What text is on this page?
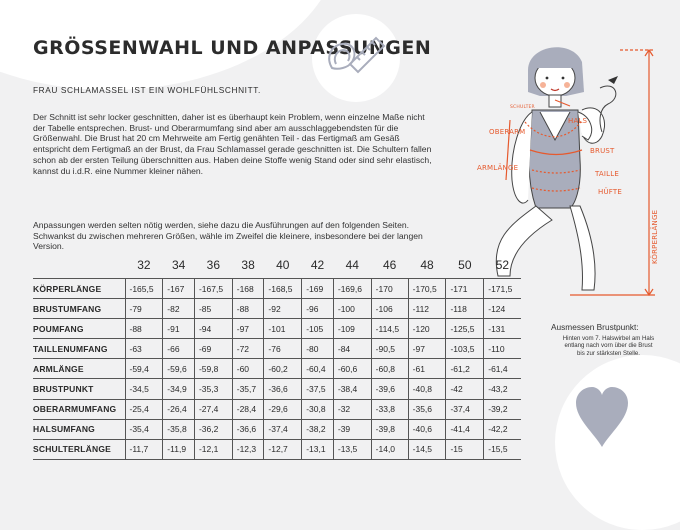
GRÖSSENWAHL UND ANPASSUNGEN

FRAU SCHLAMASSEL IST EIN WOHLFÜHLSCHNITT.

Der Schnitt ist sehr locker geschnitten, daher ist es überhaupt kein Problem, wenn einzelne Maße nicht der Tabelle entsprechen. Brust- und Oberarmumfang sind aber am ausschlaggebendsten für die Größenwahl. Die Brust hat 20 cm Mehrweite am Fertig genähten Teil - das Fertigmaß am Gesäß entspricht dem Fertigmaß an der Brust, da Frau Schlamassel gerade geschnitten ist. Die Schultern fallen schon ab der ersten Teilung überschnitten aus. Haben deine Stoffe wenig Stand oder sind sehr elastisch, kannst du i.d.R. eine Nummer kleiner nähen.

Anpassungen werden selten nötig werden, siehe dazu die Ausführungen auf den folgenden Seiten. Schwankst du zwischen mehreren Größen, wähle im Zweifel die kleinere, insbesondere bei der langen Version.

SCHULTER
HALS
OBERARM
BRUST
ARMLÄNGE
TAILLE
HÜFTE
KÖRPERLÄNGE
	32	34	36	38	40	42	44	46	48	50	52
KÖRPERLÄNGE	-165,5	-167	-167,5	-168	-168,5	-169	-169,6	-170	-170,5	-171	-171,5
BRUSTUMFANG	-79	-82	-85	-88	-92	-96	-100	-106	-112	-118	-124
POUMFANG	-88	-91	-94	-97	-101	-105	-109	-114,5	-120	-125,5	-131
TAILLENUMFANG	-63	-66	-69	-72	-76	-80	-84	-90,5	-97	-103,5	-110
ARMLÄNGE	-59,4	-59,6	-59,8	-60	-60,2	-60,4	-60,6	-60,8	-61	-61,2	-61,4
BRUSTPUNKT	-34,5	-34,9	-35,3	-35,7	-36,6	-37,5	-38,4	-39,6	-40,8	-42	-43,2
OBERARMUMFANG	-25,4	-26,4	-27,4	-28,4	-29,6	-30,8	-32	-33,8	-35,6	-37,4	-39,2
HALSUMFANG	-35,4	-35,8	-36,2	-36,6	-37,4	-38,2	-39	-39,8	-40,6	-41,4	-42,2
SCHULTERLÄNGE	-11,7	-11,9	-12,1	-12,3	-12,7	-13,1	-13,5	-14,0	-14,5	-15	-15,5

Ausmessen Brustpunkt:

Hinten vom 7. Halswirbel am Hals entlang nach vorn über die Brust bis zur stärksten Stelle.
